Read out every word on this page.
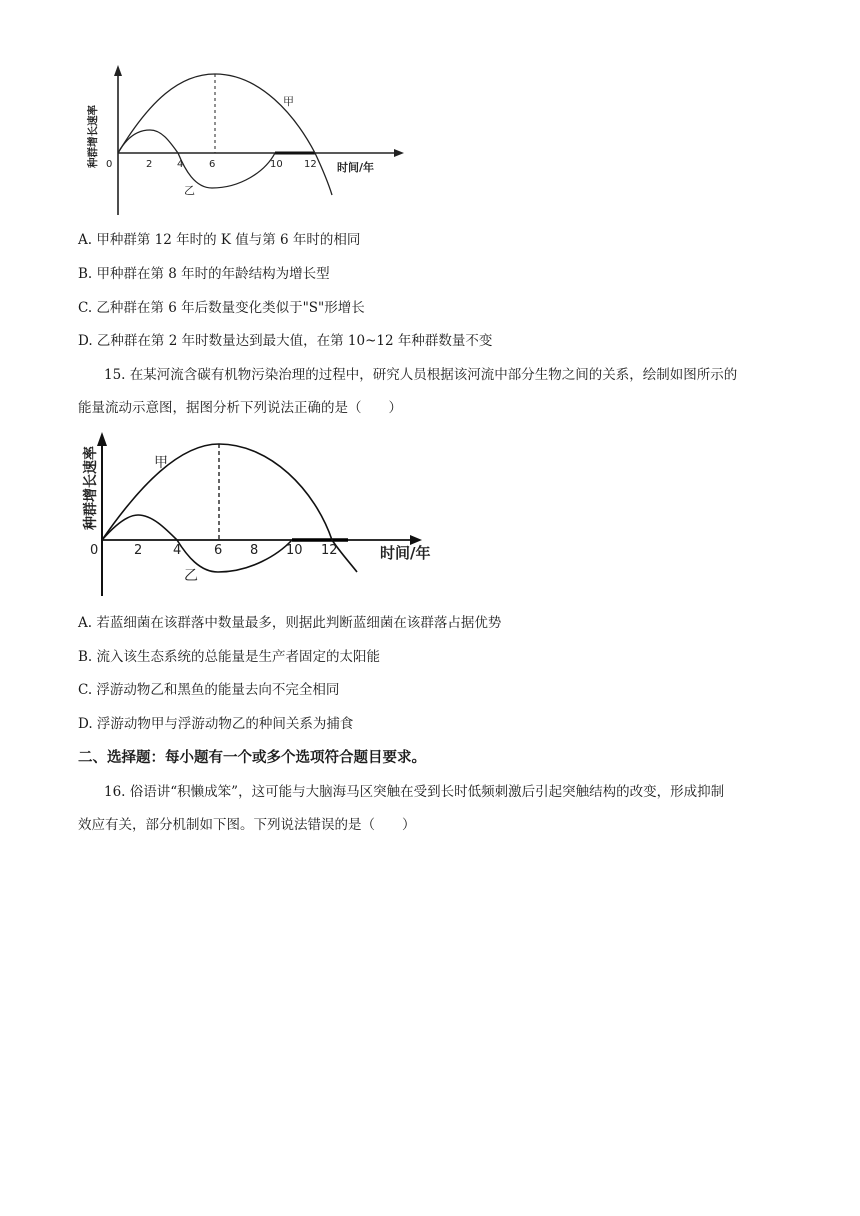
种群增长速率	时间/年
甲
乙
0	2 4	6	10 12
A. 甲种群第 12 年时的 K 值与第 6 年时的相同
B. 甲种群在第 8 年时的年龄结构为增长型
C. 乙种群在第 6 年后数量变化类似于"S"形增长
D. 乙种群在第 2 年时数量达到最大值，在第 10~12 年种群数量不变
15. 在某河流含碳有机物污染治理的过程中，研究人员根据该河流中部分生物之间的关系，绘制如图所示的
能量流动示意图，据图分析下列说法正确的是（　　）
种群增长速率
时间/年
甲
乙
0	2 4	6 8 10 12
A. 若蓝细菌在该群落中数量最多，则据此判断蓝细菌在该群落占据优势
B. 流入该生态系统的总能量是生产者固定的太阳能
C. 浮游动物乙和黑鱼的能量去向不完全相同
D. 浮游动物甲与浮游动物乙的种间关系为捕食
二、选择题：每小题有一个或多个选项符合题目要求。
16. 俗语讲“积懒成笨”，这可能与大脑海马区突触在受到长时低频刺激后引起突触结构的改变，形成抑制
效应有关，部分机制如下图。下列说法错误的是（　　）
